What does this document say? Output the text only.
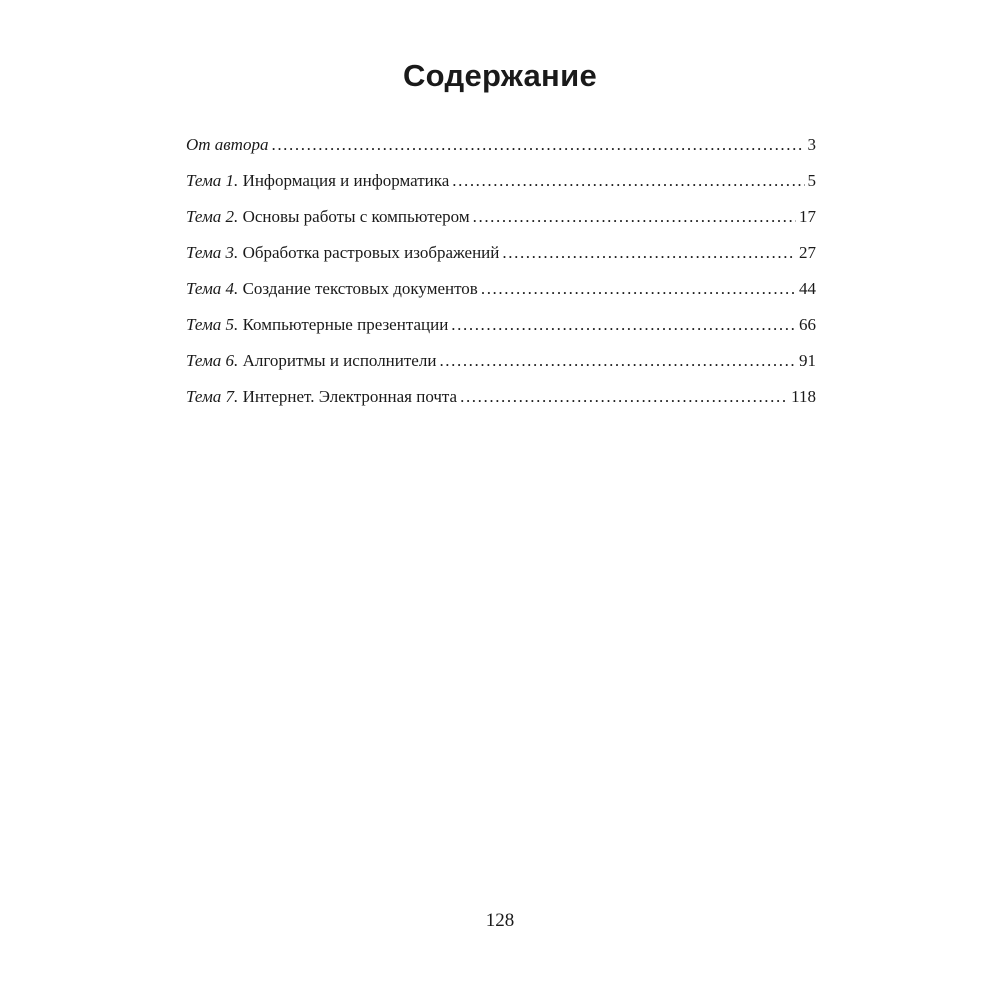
Содержание
От автора .....	3
Тема 1. Информация и информатика .....	5
Тема 2. Основы работы с компьютером .....	17
Тема 3. Обработка растровых изображений .....	27
Тема 4. Создание текстовых документов .....	44
Тема 5. Компьютерные презентации .....	66
Тема 6. Алгоритмы и исполнители .....	91
Тема 7. Интернет. Электронная почта .....	118
128
